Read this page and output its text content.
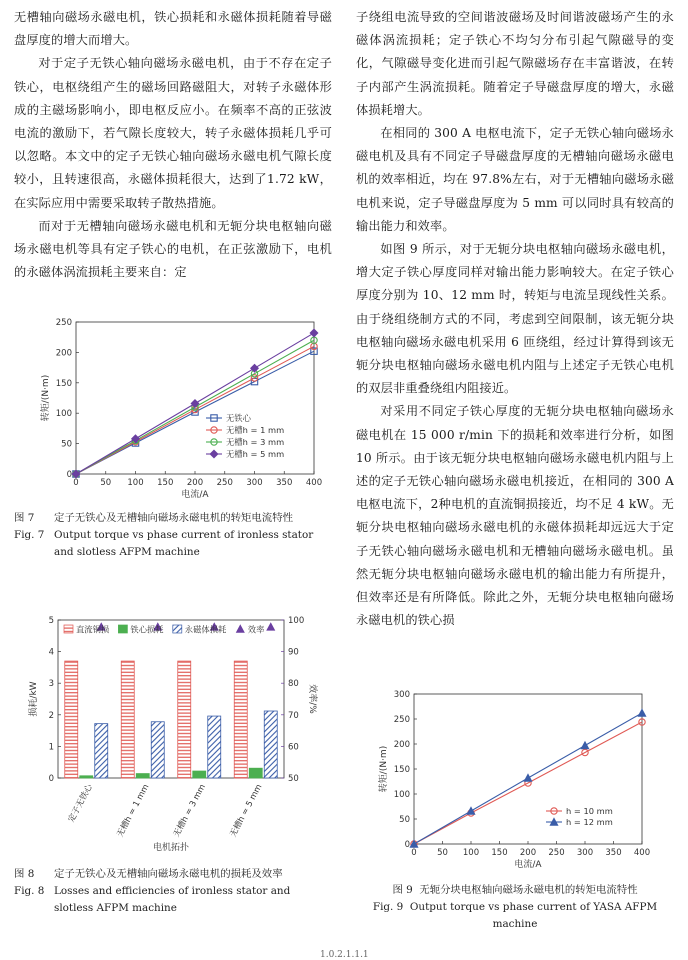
无槽轴向磁场永磁电机，铁心损耗和永磁体损耗随着导磁盘厚度的增大而增大。

对于定子无铁心轴向磁场永磁电机，由于不存在定子铁心，电枢绕组产生的磁场回路磁阻大，对转子永磁体形成的主磁场影响小，即电枢反应小。在频率不高的正弦波电流的激励下，若气隙长度较大，转子永磁体损耗几乎可以忽略。本文中的定子无铁心轴向磁场永磁电机气隙长度较小，且转速很高，永磁体损耗很大，达到了1.72 kW，在实际应用中需要采取转子散热措施。

而对于无槽轴向磁场永磁电机和无轭分块电枢轴向磁场永磁电机等具有定子铁心的电机，在正弦激励下，电机的永磁体涡流损耗主要来自：定

子绕组电流导致的空间谐波磁场及时间谐波磁场产生的永磁体涡流损耗；定子铁心不均匀分布引起气隙磁导的变化，气隙磁导变化进而引起气隙磁场存在丰富谐波，在转子内部产生涡流损耗。随着定子导磁盘厚度的增大，永磁体损耗增大。

在相同的 300 A 电枢电流下，定子无铁心轴向磁场永磁电机及具有不同定子导磁盘厚度的无槽轴向磁场永磁电机的效率相近，均在 97.8%左右，对于无槽轴向磁场永磁电机来说，定子导磁盘厚度为 5 mm 可以同时具有较高的输出能力和效率。

如图 9 所示，对于无轭分块电枢轴向磁场永磁电机，增大定子铁心厚度同样对输出能力影响较大。在定子铁心厚度分别为 10、12 mm 时，转矩与电流呈现线性关系。由于绕组绕制方式的不同，考虑到空间限制，该无轭分块电枢轴向磁场永磁电机采用 6 匝绕组，经过计算得到该无轭分块电枢轴向磁场永磁电机内阻与上述定子无铁心电机的双层非重叠绕组内阻接近。

对采用不同定子铁心厚度的无轭分块电枢轴向磁场永磁电机在 15 000 r/min 下的损耗和效率进行分析，如图 10 所示。由于该无轭分块电枢轴向磁场永磁电机内阻与上述的定子无铁心轴向磁场永磁电机接近，在相同的 300 A 电枢电流下，2种电机的直流铜损接近，均不足 4 kW。无轭分块电枢轴向磁场永磁电机的永磁体损耗却远远大于定子无铁心轴向磁场永磁电机和无槽轴向磁场永磁电机。虽然无轭分块电枢轴向磁场永磁电机的输出能力有所提升，但效率还是有所降低。除此之外，无轭分块电枢轴向磁场永磁电机的铁心损

0	50 100 150 200 250 300 350 400
0
50
100
150
200
250
电流/A
转矩/(N·m)	无铁心
无槽h = 1 mm
无槽h = 3 mm
无槽h = 5 mm
图 7 定子无铁心及无槽轴向磁场永磁电机的转矩电流特性
Fig. 7 Output torque vs phase current of ironless stator and slotless AFPM machine
0
1
2
3
4
5
50
60
70
80
90
100
损耗/kW	效率/%
电机拓扑
定子无铁心 无槽h = 1 mm 无槽h = 3 mm 无槽h = 5 mm
直流铜损	铁心损耗	永磁体损耗	效率
图 8	定子无铁心及无槽轴向磁场永磁电机的损耗及效率
Fig. 8 Losses and efficiencies of ironless stator and slotless AFPM machine
0 50 100 150 200 250 300 350 400
0
50
100
150
200
250
300
电流/A
转矩/(N·m)
h = 10 mm
h = 12 mm
图 9 无轭分块电枢轴向磁场永磁电机的转矩电流特性
Fig. 9 Output torque vs phase current of YASA AFPM machine
1.0.2.1.1.1
